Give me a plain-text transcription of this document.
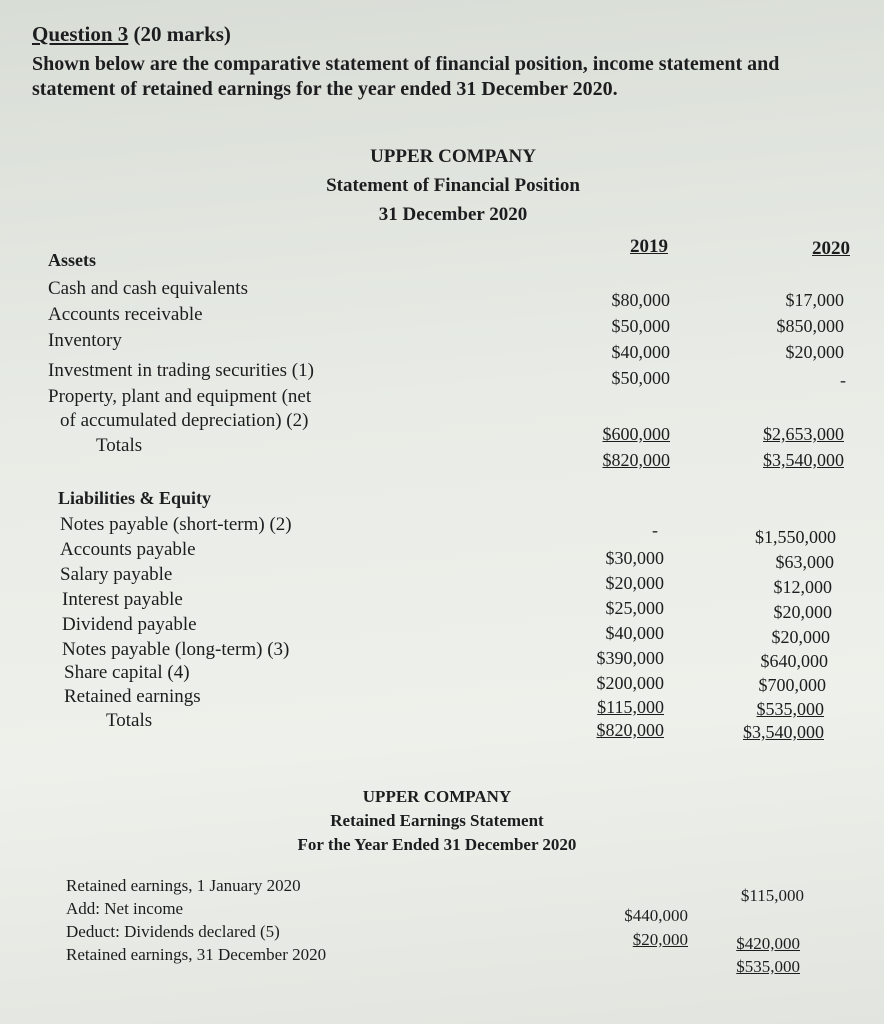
Question 3 (20 marks)
Shown below are the comparative statement of financial position, income statement and statement of retained earnings for the year ended 31 December 2020.
UPPER COMPANY
Statement of Financial Position
31 December 2020
2019	2020
Assets
Cash and cash equivalents
Accounts receivable
Inventory
Investment in trading securities (1)
Property, plant and equipment (net
of accumulated depreciation) (2)
Totals
$80,000
$50,000
$40,000
$50,000
$600,000
$820,000
$17,000
$850,000
$20,000
-
$2,653,000
$3,540,000
Liabilities & Equity
Notes payable (short-term) (2)
Accounts payable
Salary payable
Interest payable
Dividend payable
Notes payable (long-term) (3)
Share capital (4)
Retained earnings
Totals
-
$30,000
$20,000
$25,000
$40,000
$390,000
$200,000
$115,000
$820,000
$1,550,000
$63,000
$12,000
$20,000
$20,000
$640,000
$700,000
$535,000
$3,540,000
UPPER COMPANY
Retained Earnings Statement
For the Year Ended 31 December 2020
Retained earnings, 1 January 2020
Add: Net income
Deduct: Dividends declared (5)
Retained earnings, 31 December 2020
$440,000
$20,000
$115,000
$420,000
$535,000
